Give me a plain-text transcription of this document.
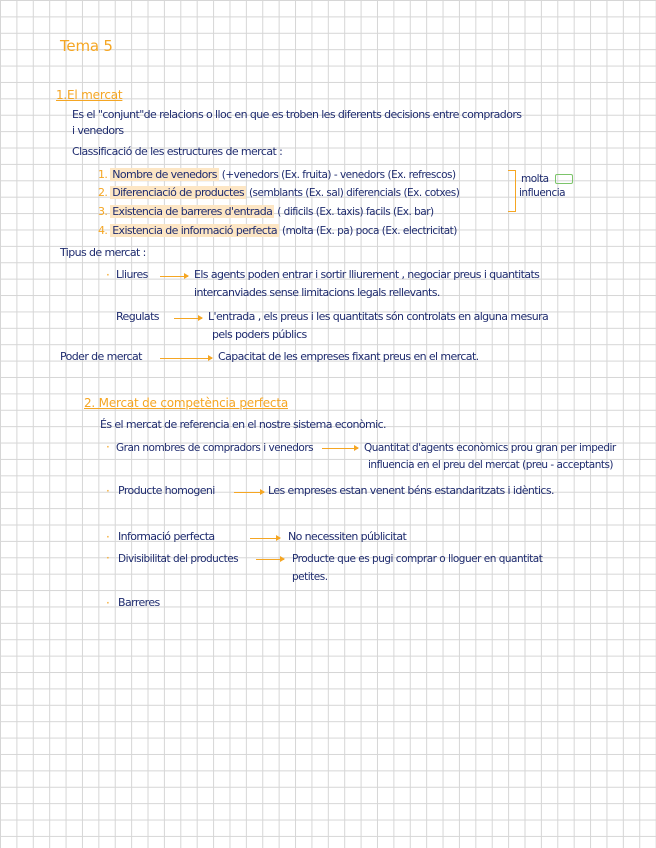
Tema 5
1.El mercat
Es el "conjunt"de relacions o lloc en que es troben les diferents decisions entre compradors
i venedors
Classificació de les estructures de mercat :
1. Nombre de venedors (+venedors (Ex. fruita) - venedors (Ex. refrescos)
2. Diferenciació de productes (semblants (Ex. sal) diferencials (Ex. cotxes)
3. Existencia de barreres d'entrada ( dificils (Ex. taxis) facils (Ex. bar)
4. Existencia de informació perfecta (molta (Ex. pa) poca (Ex. electricitat)
molta
influencia
Tipus de mercat :
· Lliures	Els agents poden entrar i sortir lliurement , negociar preus i quantitats
intercanviades sense limitacions legals rellevants.
Regulats	L'entrada , els preus i les quantitats són controlats en alguna mesura
pels poders públics
Poder de mercat	Capacitat de les empreses fixant preus en el mercat.
2. Mercat de competència perfecta
És el mercat de referencia en el nostre sistema econòmic.
· Gran nombres de compradors i venedors	Quantitat d'agents econòmics prou gran per impedir
influencia en el preu del mercat (preu - acceptants)
· Producte homogeni	Les empreses estan venent béns estandaritzats i idèntics.
· Informació perfecta	No necessiten públicitat
· Divisibilitat del productes	Producte que es pugi comprar o lloguer en quantitat
petites.
· Barreres
